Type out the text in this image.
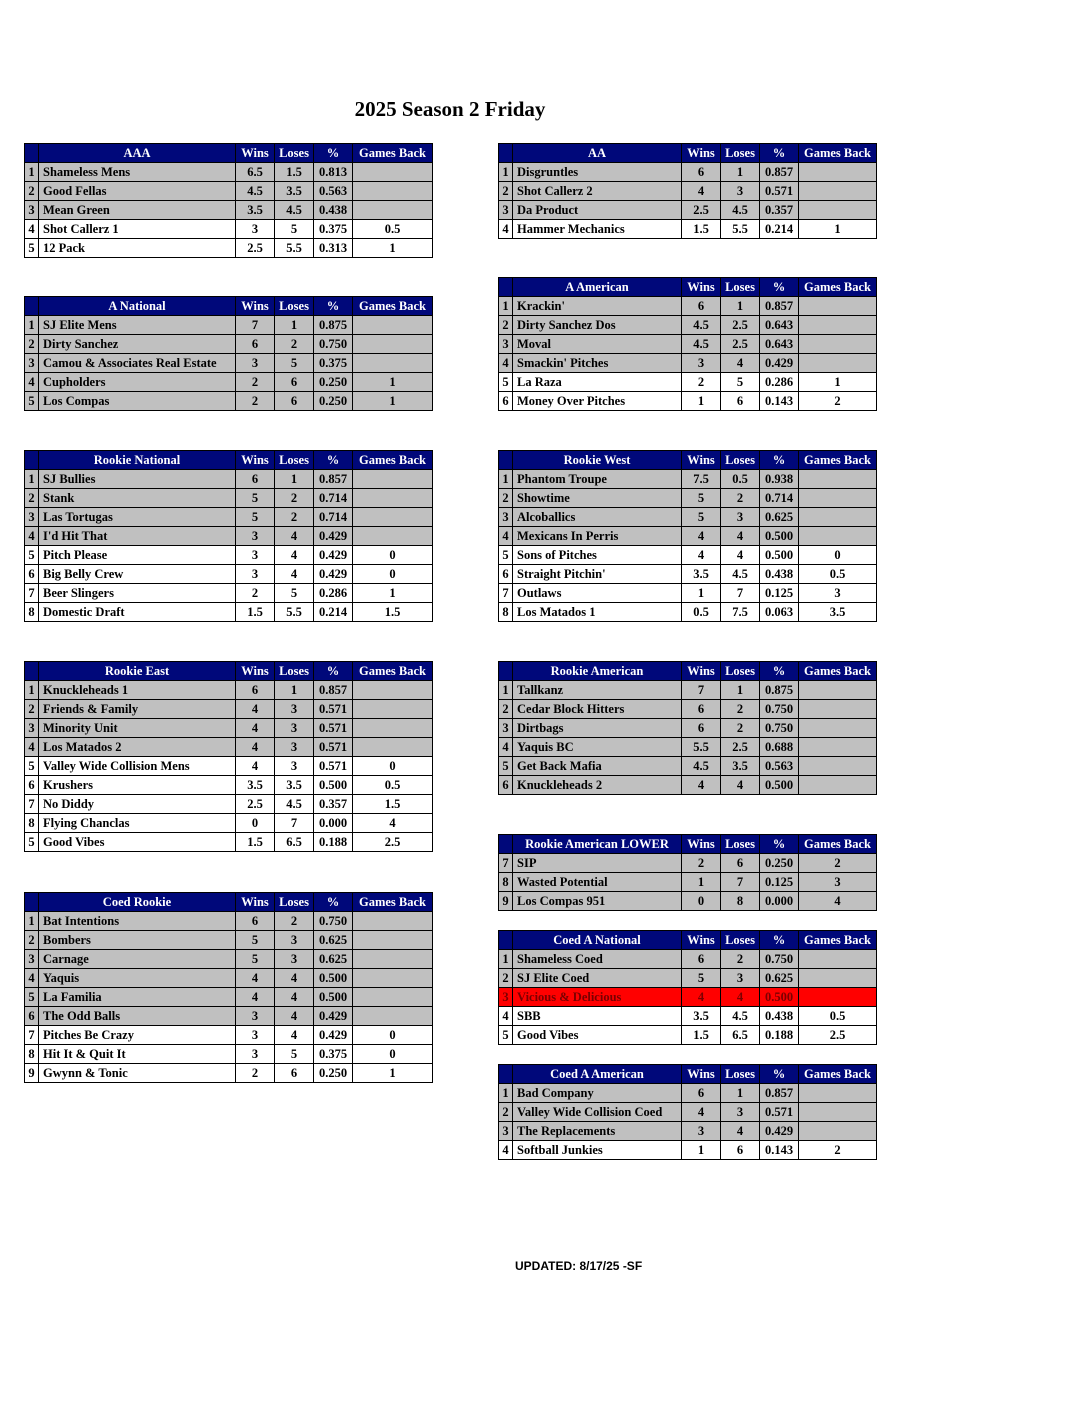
2025 Season 2 Friday
	AAA	Wins	Loses	%	Games Back
1	Shameless Mens	6.5	1.5	0.813	
2	Good Fellas	4.5	3.5	0.563	
3	Mean Green	3.5	4.5	0.438	
4	Shot Callerz 1	3	5	0.375	0.5
5	12 Pack	2.5	5.5	0.313	1
	AA	Wins	Loses	%	Games Back
1	Disgruntles	6	1	0.857	
2	Shot Callerz 2	4	3	0.571	
3	Da Product	2.5	4.5	0.357	
4	Hammer Mechanics	1.5	5.5	0.214	1
	A National	Wins	Loses	%	Games Back
1	SJ Elite Mens	7	1	0.875	
2	Dirty Sanchez	6	2	0.750	
3	Camou & Associates Real Estate	3	5	0.375	
4	Cupholders	2	6	0.250	1
5	Los Compas	2	6	0.250	1
	A American	Wins	Loses	%	Games Back
1	Krackin'	6	1	0.857	
2	Dirty Sanchez Dos	4.5	2.5	0.643	
3	Moval	4.5	2.5	0.643	
4	Smackin' Pitches	3	4	0.429	
5	La Raza	2	5	0.286	1
6	Money Over Pitches	1	6	0.143	2
	Rookie National	Wins	Loses	%	Games Back
1	SJ Bullies	6	1	0.857	
2	Stank	5	2	0.714	
3	Las Tortugas	5	2	0.714	
4	I'd Hit That	3	4	0.429	
5	Pitch Please	3	4	0.429	0
6	Big Belly Crew	3	4	0.429	0
7	Beer Slingers	2	5	0.286	1
8	Domestic Draft	1.5	5.5	0.214	1.5
	Rookie West	Wins	Loses	%	Games Back
1	Phantom Troupe	7.5	0.5	0.938	
2	Showtime	5	2	0.714	
3	Alcoballics	5	3	0.625	
4	Mexicans In Perris	4	4	0.500	
5	Sons of Pitches	4	4	0.500	0
6	Straight Pitchin'	3.5	4.5	0.438	0.5
7	Outlaws	1	7	0.125	3
8	Los Matados 1	0.5	7.5	0.063	3.5
	Rookie East	Wins	Loses	%	Games Back
1	Knuckleheads 1	6	1	0.857	
2	Friends & Family	4	3	0.571	
3	Minority Unit	4	3	0.571	
4	Los Matados 2	4	3	0.571	
5	Valley Wide Collision Mens	4	3	0.571	0
6	Krushers	3.5	3.5	0.500	0.5
7	No Diddy	2.5	4.5	0.357	1.5
8	Flying Chanclas	0	7	0.000	4
5	Good Vibes	1.5	6.5	0.188	2.5
	Rookie American	Wins	Loses	%	Games Back
1	Tallkanz	7	1	0.875	
2	Cedar Block Hitters	6	2	0.750	
3	Dirtbags	6	2	0.750	
4	Yaquis BC	5.5	2.5	0.688	
5	Get Back Mafia	4.5	3.5	0.563	
6	Knuckleheads 2	4	4	0.500	
	Rookie American LOWER	Wins	Loses	%	Games Back
7	SIP	2	6	0.250	2
8	Wasted Potential	1	7	0.125	3
9	Los Compas 951	0	8	0.000	4
	Coed Rookie	Wins	Loses	%	Games Back
1	Bat Intentions	6	2	0.750	
2	Bombers	5	3	0.625	
3	Carnage	5	3	0.625	
4	Yaquis	4	4	0.500	
5	La Familia	4	4	0.500	
6	The Odd Balls	3	4	0.429	
7	Pitches Be Crazy	3	4	0.429	0
8	Hit It & Quit It	3	5	0.375	0
9	Gwynn & Tonic	2	6	0.250	1
	Coed A National	Wins	Loses	%	Games Back
1	Shameless Coed	6	2	0.750	
2	SJ Elite Coed	5	3	0.625	
3	Vicious & Delicious	4	4	0.500	
4	SBB	3.5	4.5	0.438	0.5
5	Good Vibes	1.5	6.5	0.188	2.5
	Coed A American	Wins	Loses	%	Games Back
1	Bad Company	6	1	0.857	
2	Valley Wide Collision Coed	4	3	0.571	
3	The Replacements	3	4	0.429	
4	Softball Junkies	1	6	0.143	2
UPDATED: 8/17/25 -SF
